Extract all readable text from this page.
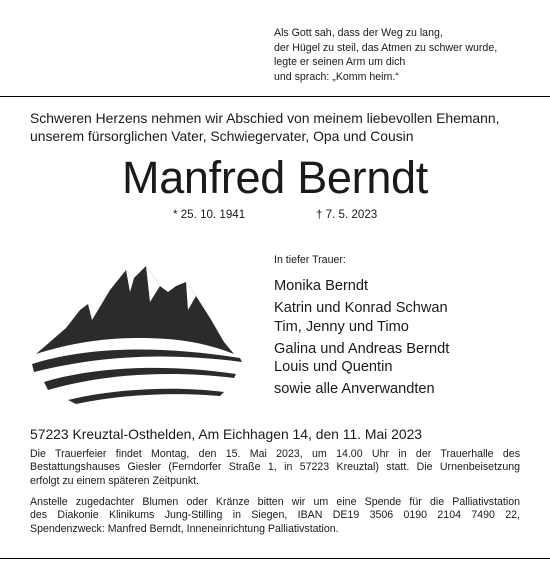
Als Gott sah, dass der Weg zu lang,
der Hügel zu steil, das Atmen zu schwer wurde,
legte er seinen Arm um dich
und sprach: „Komm heim.“
Schweren Herzens nehmen wir Abschied von meinem liebevollen Ehemann,
unserem fürsorglichen Vater, Schwiegervater, Opa und Cousin
Manfred Berndt
* 25. 10. 1941	† 7. 5. 2023
In tiefer Trauer:
Monika Berndt
Katrin und Konrad Schwan
Tim, Jenny und Timo
Galina und Andreas Berndt
Louis und Quentin
sowie alle Anverwandten
57223 Kreuztal-Osthelden, Am Eichhagen 14, den 11. Mai 2023
Die Trauerfeier findet Montag, den 15. Mai 2023, um 14.00 Uhr in der Trauerhalle des
Bestattungshauses Giesler (Ferndorfer Straße 1, in 57223 Kreuztal) statt. Die Urnenbeisetzung
erfolgt zu einem späteren Zeitpunkt.
Anstelle zugedachter Blumen oder Kränze bitten wir um eine Spende für die Palliativstation
des Diakonie Klinikums Jung-Stilling in Siegen, IBAN DE19 3506 0190 2104 7490 22,
Spendenzweck: Manfred Berndt, Inneneinrichtung Palliativstation.
